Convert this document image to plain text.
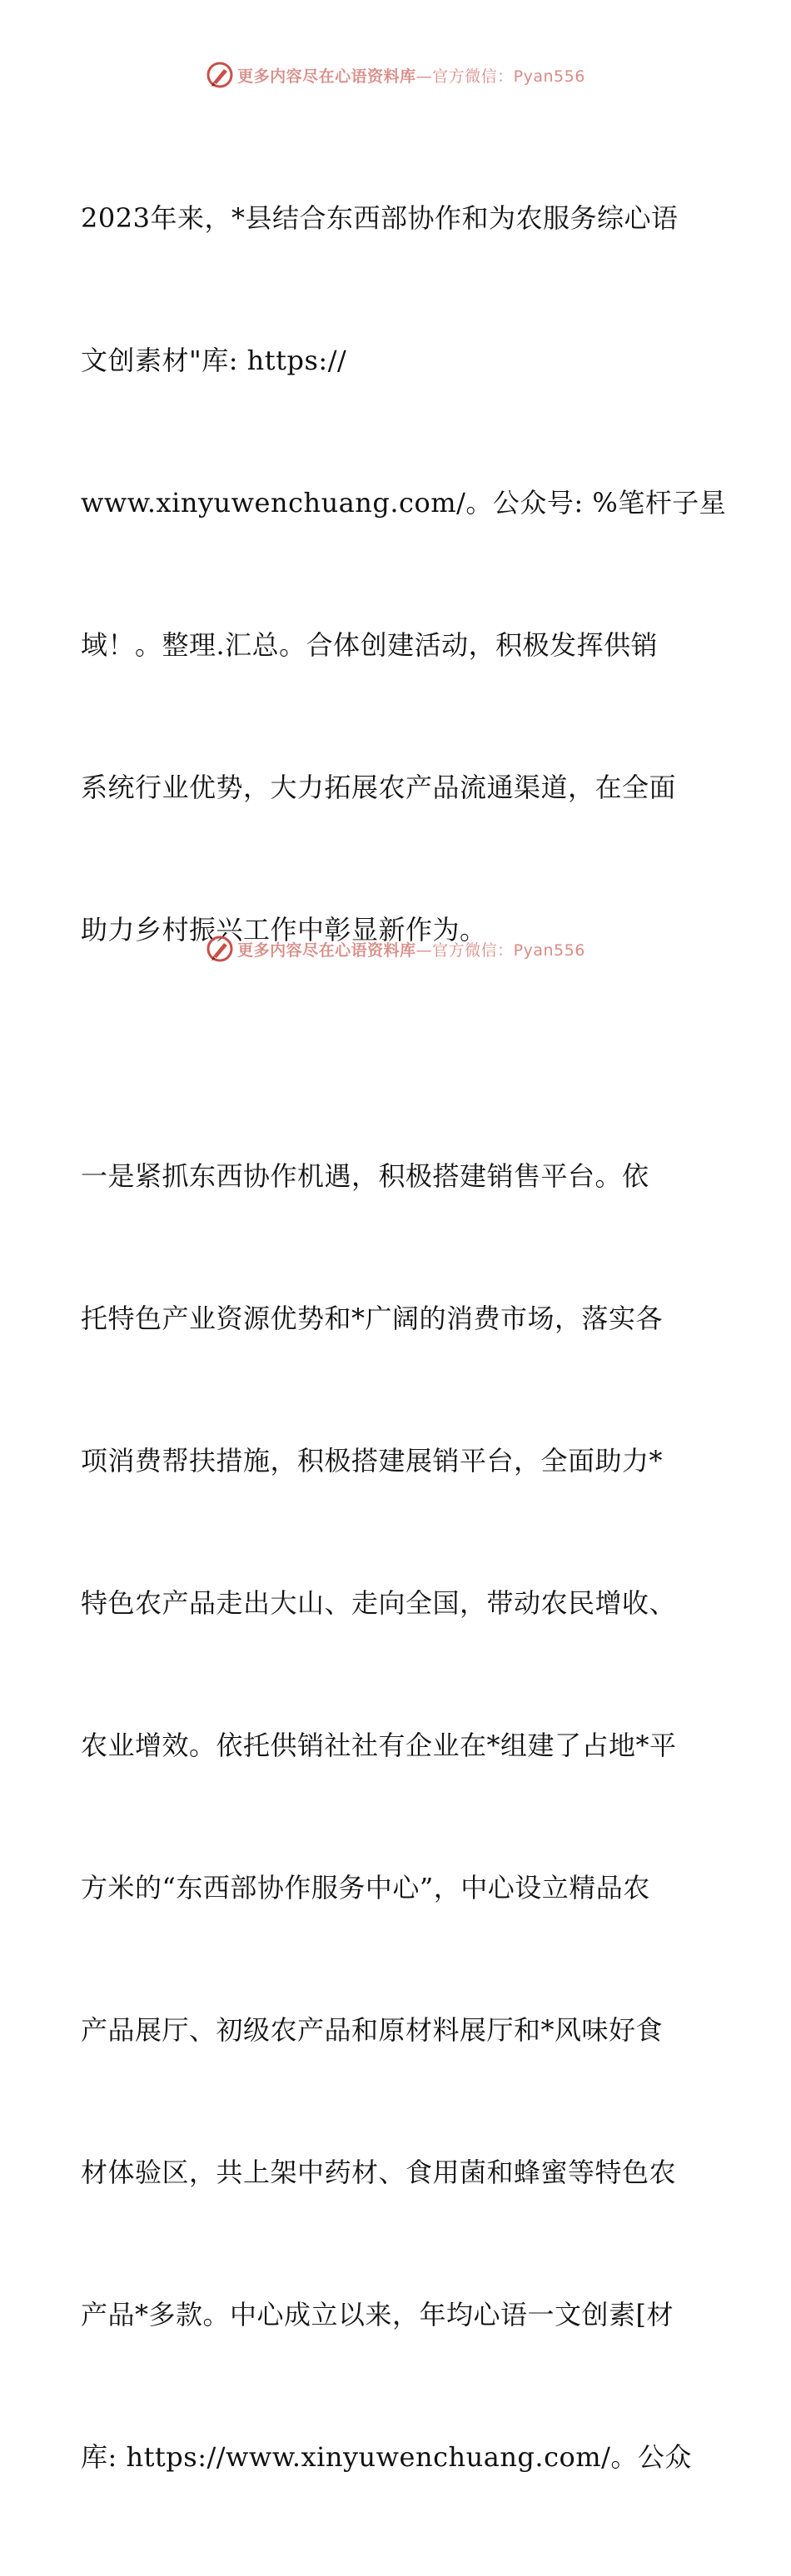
更多内容尽在心语资料库—官方微信：Pyan556

2023年来，*县结合东西部协作和为农服务综心语

文创素材"库: https://

www.xinyuwenchuang.com/。公众号: %笔杆子星

域！。整理.汇总。合体创建活动，积极发挥供销

系统行业优势，大力拓展农产品流通渠道，在全面

助力乡村振兴工作中彰显新作为。

一是紧抓东西协作机遇，积极搭建销售平台。依

托特色产业资源优势和*广阔的消费市场，落实各

项消费帮扶措施，积极搭建展销平台，全面助力*

特色农产品走出大山、走向全国，带动农民增收、

农业增效。依托供销社社有企业在*组建了占地*平

方米的“东西部协作服务中心”，中心设立精品农

产品展厅、初级农产品和原材料展厅和*风味好食

材体验区，共上架中药材、食用菌和蜂蜜等特色农

产品*多款。中心成立以来，年均心语一文创素[材

库: https://www.xinyuwenchuang.com/。公众

更多内容尽在心语资料库—官方微信：Pyan556
